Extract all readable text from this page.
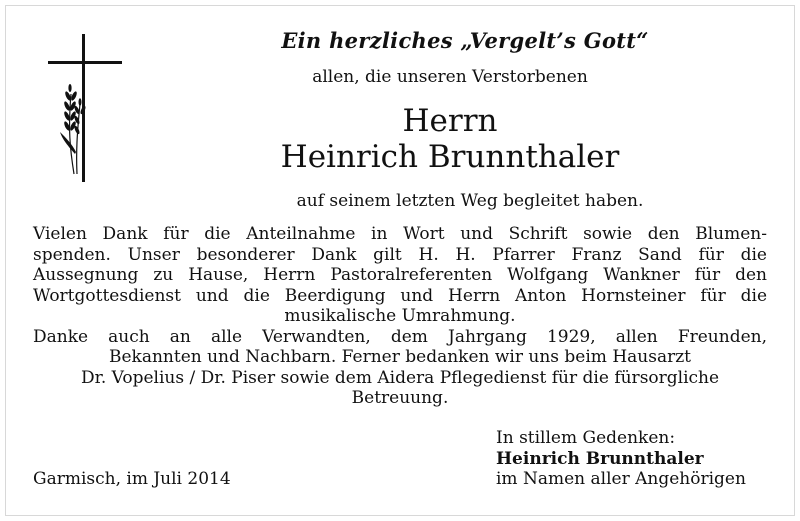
Ein herzliches „Vergelt’s Gott“
allen, die unseren Verstorbenen
Herrn
Heinrich Brunnthaler
auf seinem letzten Weg begleitet haben.
Vielen Dank für die Anteilnahme in Wort und Schrift sowie den Blumen-
spenden. Unser besonderer Dank gilt H. H. Pfarrer Franz Sand für die
Aussegnung zu Hause, Herrn Pastoralreferenten Wolfgang Wankner für den
Wortgottesdienst und die Beerdigung und Herrn Anton Hornsteiner für die
musikalische Umrahmung.
Danke auch an alle Verwandten, dem Jahrgang 1929, allen Freunden,
Bekannten und Nachbarn. Ferner bedanken wir uns beim Hausarzt
Dr. Vopelius / Dr. Piser sowie dem Aidera Pflegedienst für die fürsorgliche
Betreuung.
In stillem Gedenken:
Heinrich Brunnthaler
im Namen aller Angehörigen
Garmisch, im Juli 2014
